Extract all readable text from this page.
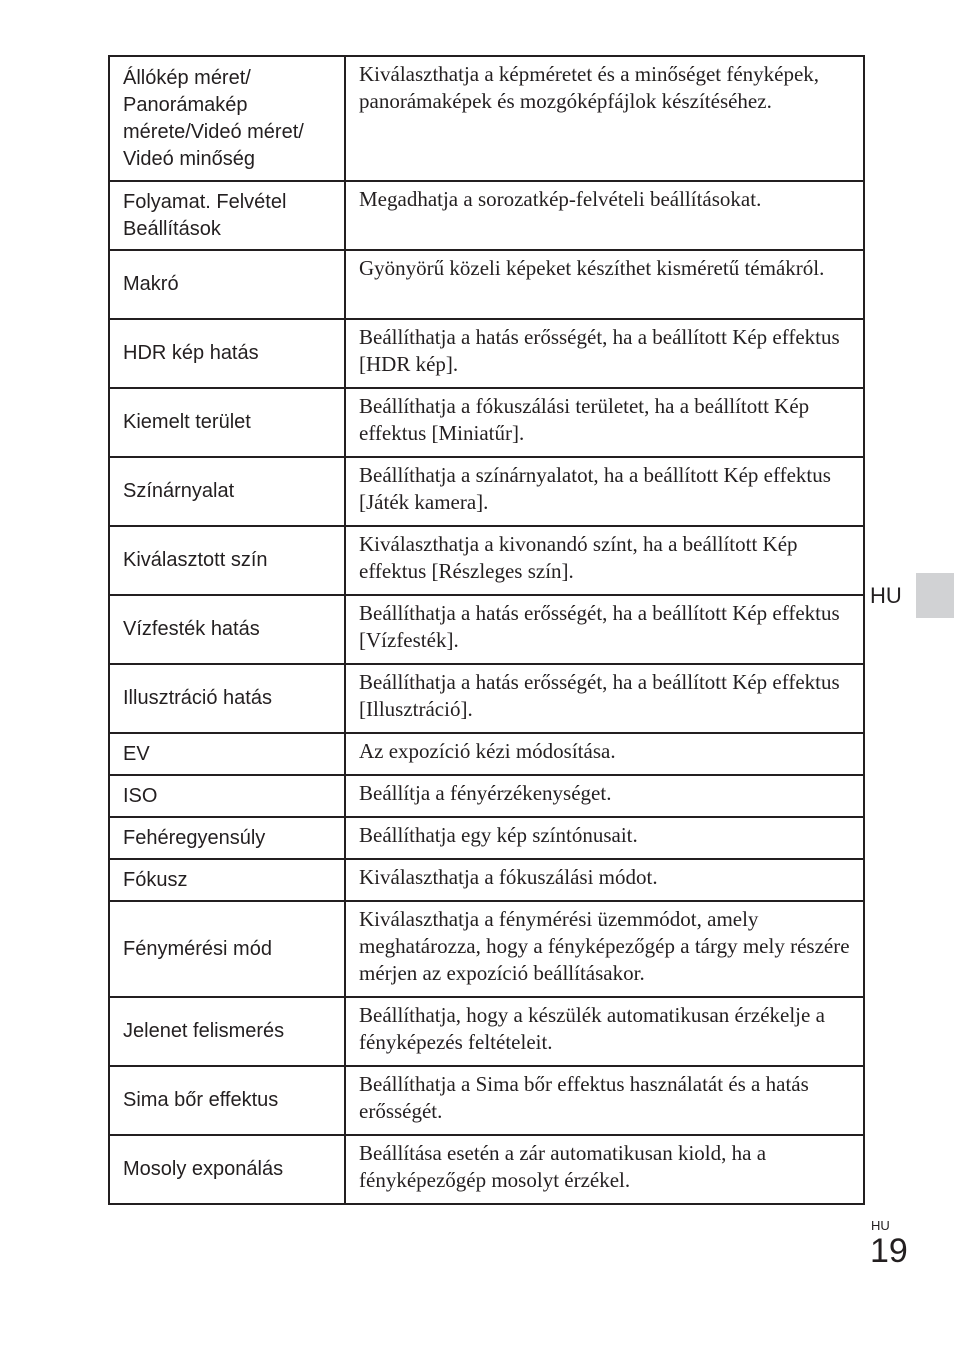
Állókép méret/ Panorámakép mérete/Videó méret/ Videó minőség	Kiválaszthatja a képméretet és a minőséget fényképek, panorámaképek és mozgóképfájlok készítéséhez.
Folyamat. Felvétel Beállítások	Megadhatja a sorozatkép-felvételi beállításokat.
Makró	Gyönyörű közeli képeket készíthet kisméretű témákról.
HDR kép hatás	Beállíthatja a hatás erősségét, ha a beállított Kép effektus [HDR kép].
Kiemelt terület	Beállíthatja a fókuszálási területet, ha a beállított Kép effektus [Miniatűr].
Színárnyalat	Beállíthatja a színárnyalatot, ha a beállított Kép effektus [Játék kamera].
Kiválasztott szín	Kiválaszthatja a kivonandó színt, ha a beállított Kép effektus [Részleges szín].
Vízfesték hatás	Beállíthatja a hatás erősségét, ha a beállított Kép effektus [Vízfesték].
Illusztráció hatás	Beállíthatja a hatás erősségét, ha a beállított Kép effektus [Illusztráció].
EV	Az expozíció kézi módosítása.
ISO	Beállítja a fényérzékenységet.
Fehéregyensúly	Beállíthatja egy kép színtónusait.
Fókusz	Kiválaszthatja a fókuszálási módot.
Fénymérési mód	Kiválaszthatja a fénymérési üzemmódot, amely meghatározza, hogy a fényképezőgép a tárgy mely részére mérjen az expozíció beállításakor.
Jelenet felismerés	Beállíthatja, hogy a készülék automatikusan érzékelje a fényképezés feltételeit.
Sima bőr effektus	Beállíthatja a Sima bőr effektus használatát és a hatás erősségét.
Mosoly exponálás	Beállítása esetén a zár automatikusan kiold, ha a fényképezőgép mosolyt érzékel.
HU
HU
19
